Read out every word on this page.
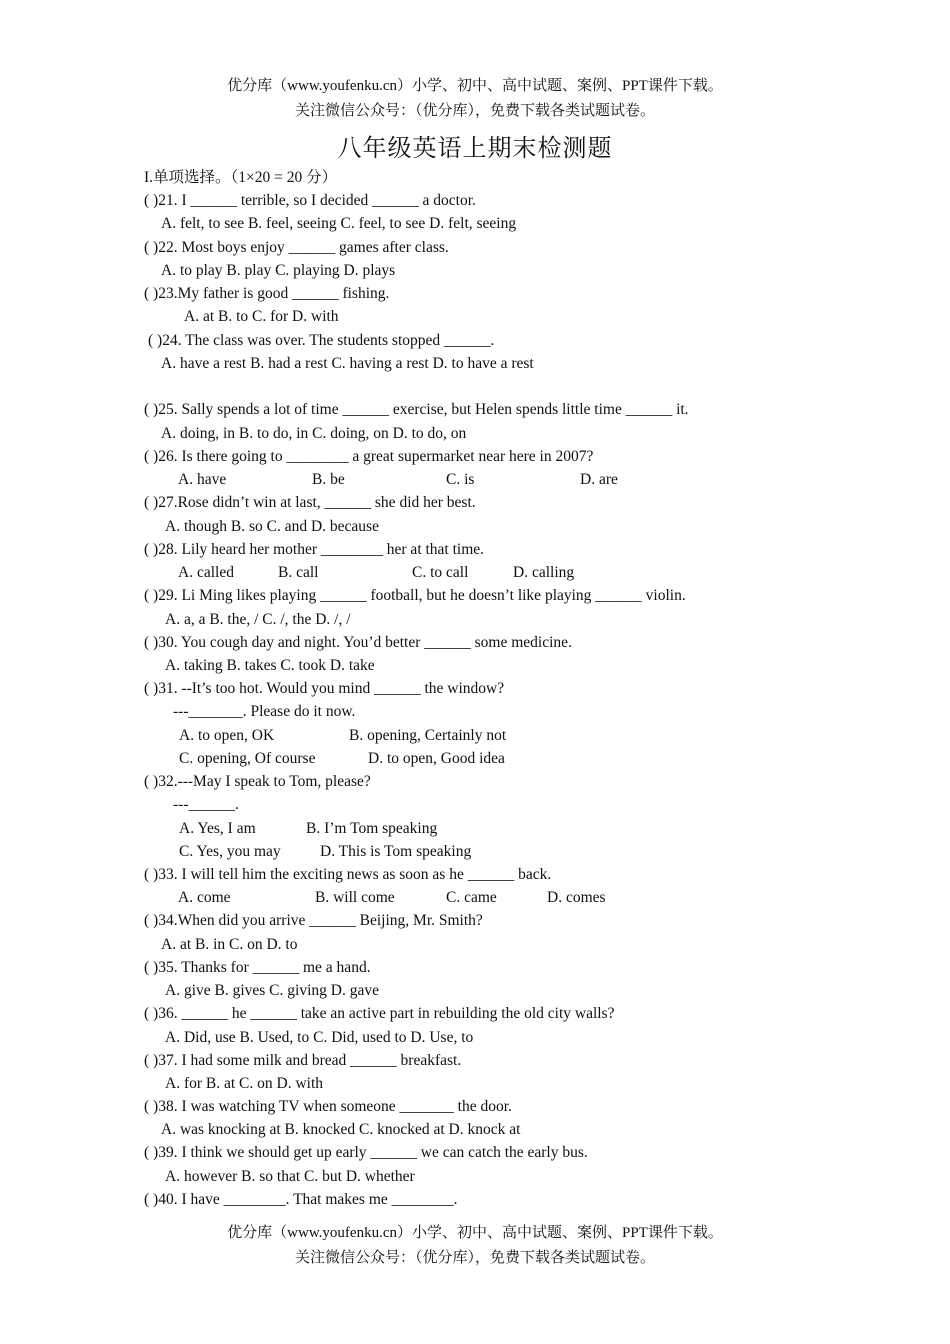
优分库（www.youfenku.cn）小学、初中、高中试题、案例、PPT课件下载。
关注微信公众号：（优分库），免费下载各类试题试卷。
八年级英语上期末检测题
I.单项选择。（1×20 = 20 分）
( )21. I ______ terrible, so I decided ______ a doctor.
A. felt, to see B. feel, seeing C. feel, to see D. felt, seeing
( )22. Most boys enjoy ______ games after class.
A. to play B. play C. playing D. plays
( )23.My father is good ______ fishing.
A. at B. to C. for D. with
( )24. The class was over. The students stopped ______.
A. have a rest B. had a rest C. having a rest D. to have a rest
( )25. Sally spends a lot of time ______ exercise, but Helen spends little time ______ it.
A. doing, in B. to do, in C. doing, on D. to do, on
( )26. Is there going to ________ a great supermarket near here in 2007?
A. have	B. be	C. is	D. are
( )27.Rose didn’t win at last, ______ she did her best.
A. though B. so C. and D. because
( )28. Lily heard her mother ________ her at that time.
A. called	B. call	C. to call	D. calling
( )29. Li Ming likes playing ______ football, but he doesn’t like playing ______ violin.
A. a, a B. the, / C. /, the D. /, /
( )30. You cough day and night. You’d better ______ some medicine.
A. taking B. takes C. took D. take
( )31. --It’s too hot. Would you mind ______ the window?
---_______. Please do it now.
A. to open, OK	B. opening, Certainly not
C. opening, Of course	D. to open, Good idea
( )32.---May I speak to Tom, please?
---______.
A. Yes, I am	B. I’m Tom speaking
C. Yes, you may	D. This is Tom speaking
( )33. I will tell him the exciting news as soon as he ______ back.
A. come	B. will come	C. came	D. comes
( )34.When did you arrive ______ Beijing, Mr. Smith?
A. at B. in C. on D. to
( )35. Thanks for ______ me a hand.
A. give B. gives C. giving D. gave
( )36. ______ he ______ take an active part in rebuilding the old city walls?
A. Did, use B. Used, to C. Did, used to D. Use, to
( )37. I had some milk and bread ______ breakfast.
A. for B. at C. on D. with
( )38. I was watching TV when someone _______ the door.
A. was knocking at B. knocked C. knocked at D. knock at
( )39. I think we should get up early ______ we can catch the early bus.
A. however B. so that C. but D. whether
( )40. I have ________. That makes me ________.
优分库（www.youfenku.cn）小学、初中、高中试题、案例、PPT课件下载。
关注微信公众号：（优分库），免费下载各类试题试卷。
